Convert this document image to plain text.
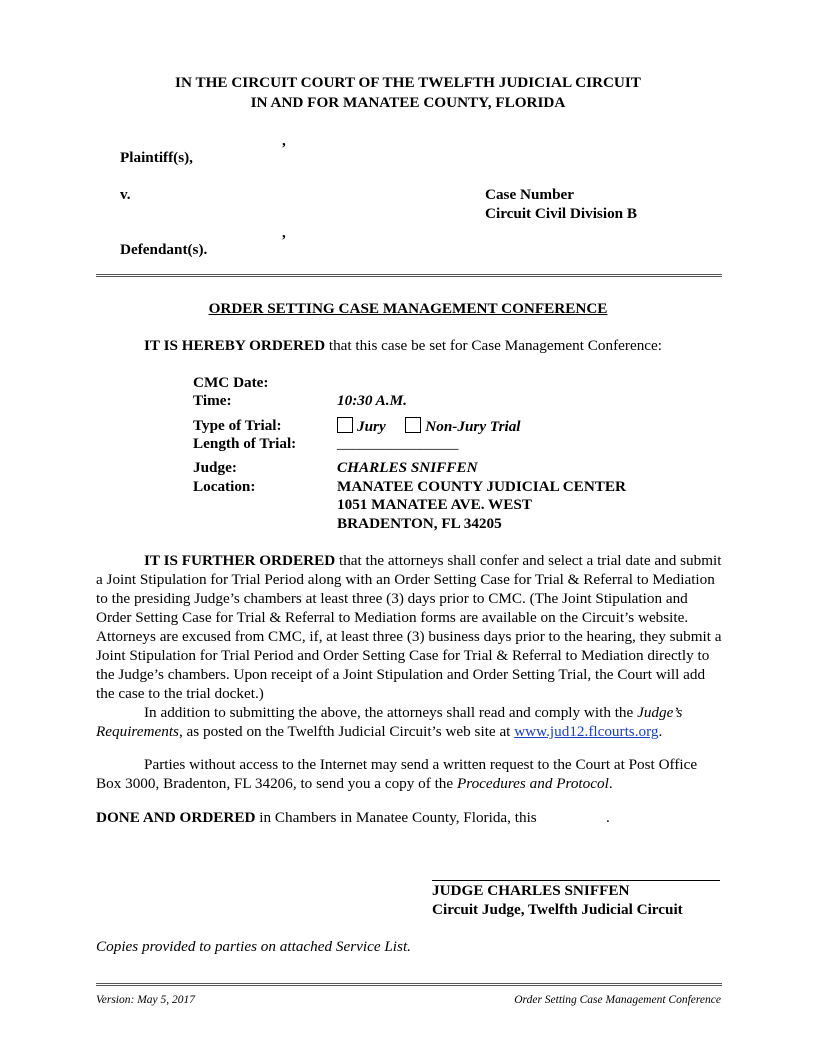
IN THE CIRCUIT COURT OF THE TWELFTH JUDICIAL CIRCUIT
IN AND FOR MANATEE COUNTY, FLORIDA
,
Plaintiff(s),
v.	Case Number
Circuit Civil Division B
,
Defendant(s).
ORDER SETTING CASE MANAGEMENT CONFERENCE
IT IS HEREBY ORDERED that this case be set for Case Management Conference:
CMC Date:
Time:	10:30 A.M.
Type of Trial:	Jury	Non-Jury Trial
Length of Trial:	________________
Judge:	CHARLES SNIFFEN
Location:	MANATEE COUNTY JUDICIAL CENTER
1051 MANATEE AVE. WEST
BRADENTON, FL 34205
IT IS FURTHER ORDERED that the attorneys shall confer and select a trial date and submit a Joint Stipulation for Trial Period along with an Order Setting Case for Trial & Referral to Mediation to the presiding Judge’s chambers at least three (3) days prior to CMC. (The Joint Stipulation and Order Setting Case for Trial & Referral to Mediation forms are available on the Circuit’s website. Attorneys are excused from CMC, if, at least three (3) business days prior to the hearing, they submit a Joint Stipulation for Trial Period and Order Setting Case for Trial & Referral to Mediation directly to the Judge’s chambers. Upon receipt of a Joint Stipulation and Order Setting Trial, the Court will add the case to the trial docket.)
In addition to submitting the above, the attorneys shall read and comply with the Judge’s Requirements, as posted on the Twelfth Judicial Circuit’s web site at www.jud12.flcourts.org.
Parties without access to the Internet may send a written request to the Court at Post Office Box 3000, Bradenton, FL 34206, to send you a copy of the Procedures and Protocol.
DONE AND ORDERED in Chambers in Manatee County, Florida, this	.
JUDGE CHARLES SNIFFEN
Circuit Judge, Twelfth Judicial Circuit
Copies provided to parties on attached Service List.
Version: May 5, 2017	Order Setting Case Management Conference
